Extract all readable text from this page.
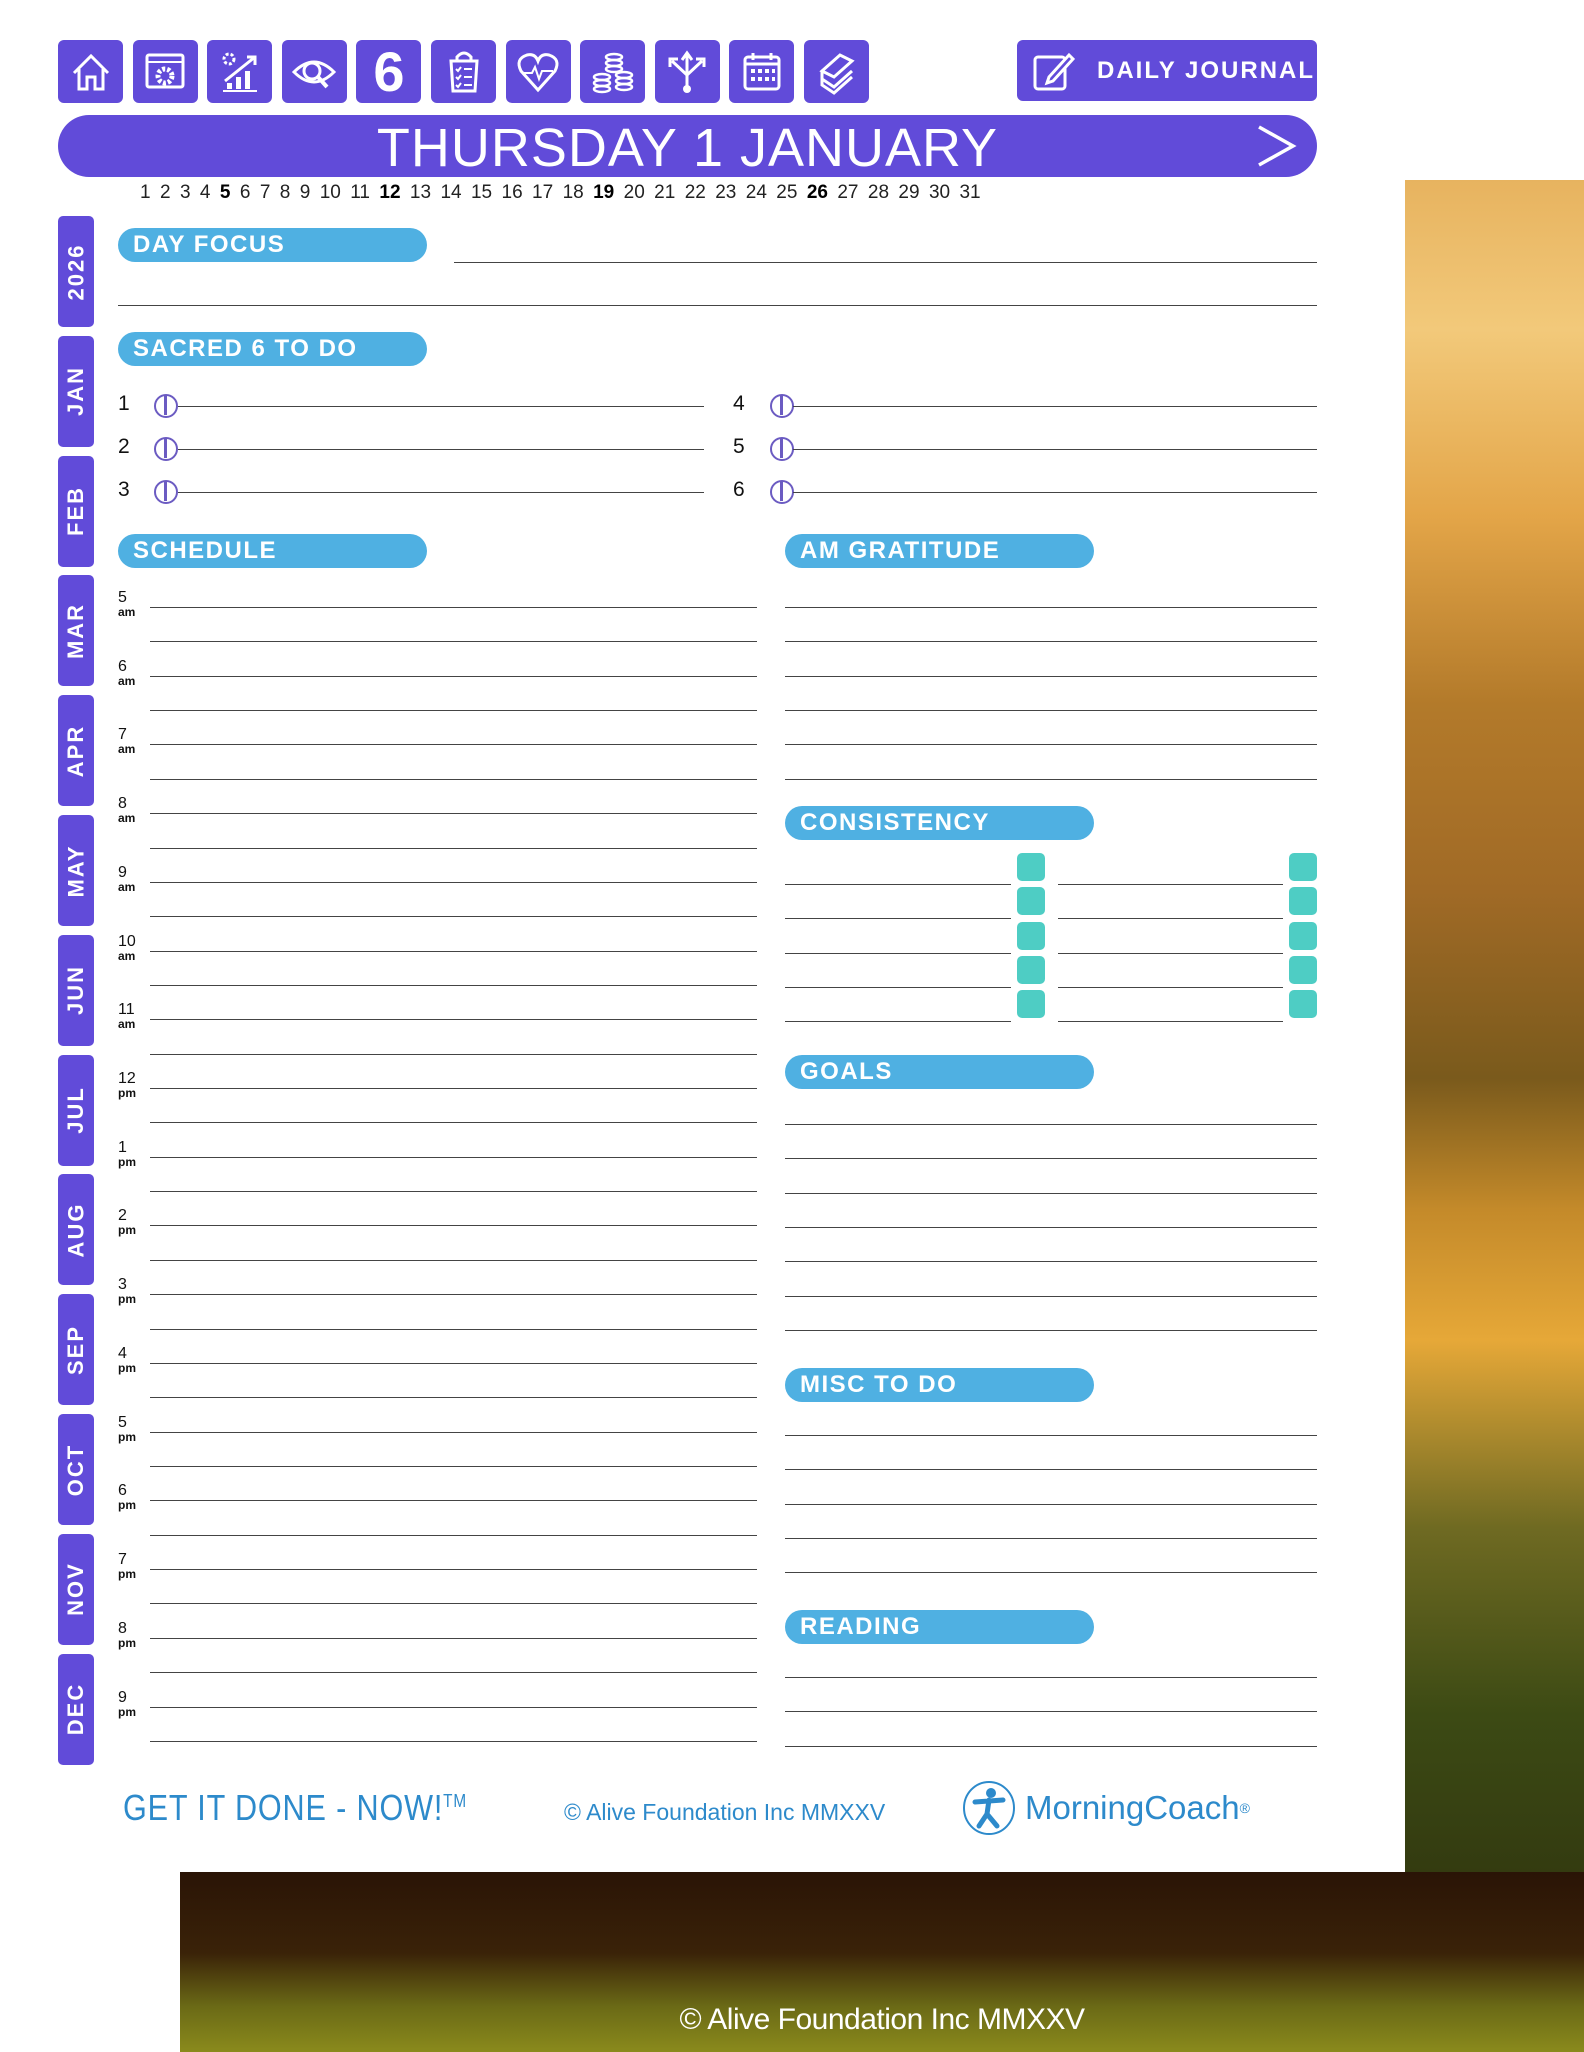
© Alive Foundation Inc MMXXV
6	DAILY JOURNAL
THURSDAY 1 JANUARY
1 2 3 4 5 6 7 8 9 10 11 12 13 14 15 16 17 18 19 20 21 22 23 24 25 26 27 28 29 30 31
2026
JAN
FEB
MAR
APR
MAY
JUN
JUL
AUG
SEP
OCT
NOV
DEC
DAY FOCUS
SACRED 6 TO DO
1	4
2	5
3	6
SCHEDULE	AM GRATITUDE
5
am
6
am
7
am
8
am
9
am
10
am
11
am
12
pm
1
pm
2
pm
3
pm
4
pm
5
pm
6
pm
7
pm
8
pm
9
pm
CONSISTENCY
GOALS
MISC TO DO
READING
GET IT DONE - NOW!™	© Alive Foundation Inc MMXXV	MorningCoach ®
